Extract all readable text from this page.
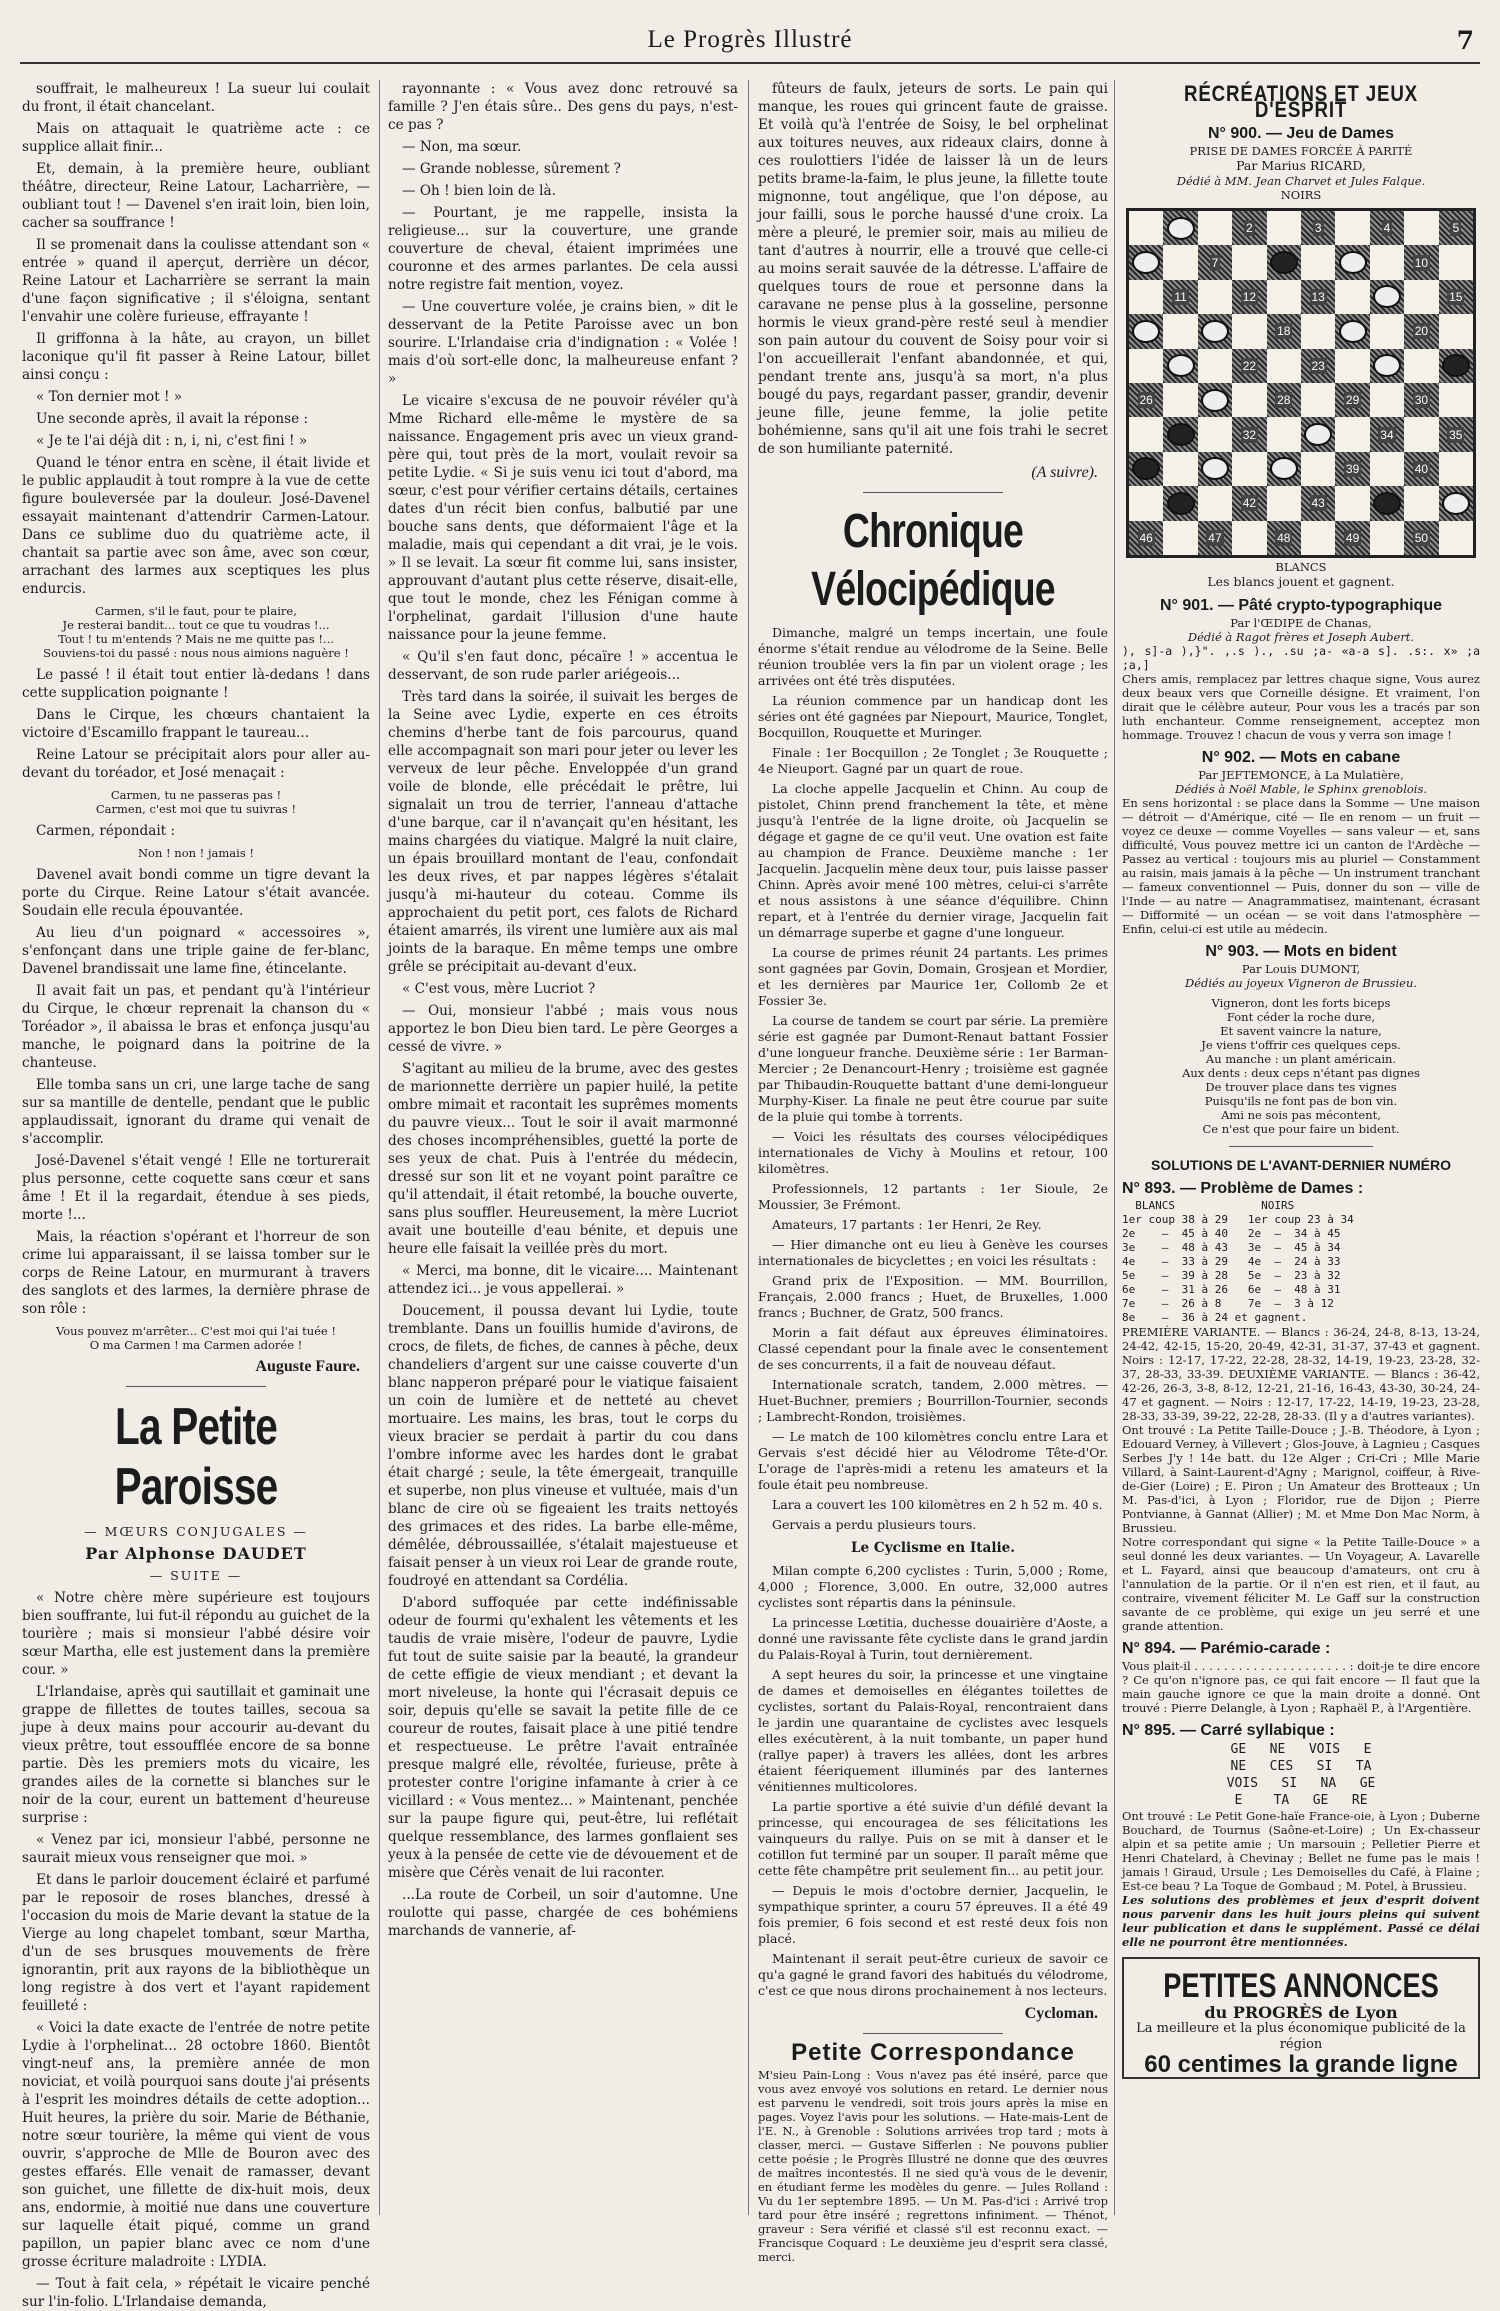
Le Progrès Illustré	7

souffrait, le malheureux ! La sueur lui coulait du front, il était chancelant.

Mais on attaquait le quatrième acte : ce supplice allait finir...

Et, demain, à la première heure, oubliant théâtre, directeur, Reine Latour, Lacharrière, — oubliant tout ! — Davenel s'en irait loin, bien loin, cacher sa souffrance !

Il se promenait dans la coulisse attendant son « entrée » quand il aperçut, derrière un décor, Reine Latour et Lacharrière se serrant la main d'une façon significative ; il s'éloigna, sentant l'envahir une colère furieuse, effrayante !

Il griffonna à la hâte, au crayon, un billet laconique qu'il fit passer à Reine Latour, billet ainsi conçu :

« Ton dernier mot ! »

Une seconde après, il avait la réponse :

« Je te l'ai déjà dit : n, i, ni, c'est fini ! »

Quand le ténor entra en scène, il était livide et le public applaudit à tout rompre à la vue de cette figure bouleversée par la douleur. José-Davenel essayait maintenant d'attendrir Carmen-Latour. Dans ce sublime duo du quatrième acte, il chantait sa partie avec son âme, avec son cœur, arrachant des larmes aux sceptiques les plus endurcis.

Carmen, s'il le faut, pour te plaire,
Je resterai bandit... tout ce que tu voudras !...
Tout ! tu m'entends ? Mais ne me quitte pas !...
Souviens-toi du passé : nous nous aimions naguère !

Le passé ! il était tout entier là-dedans ! dans cette supplication poignante !

Dans le Cirque, les chœurs chantaient la victoire d'Escamillo frappant le taureau...

Reine Latour se précipitait alors pour aller au-devant du toréador, et José menaçait :

Carmen, tu ne passeras pas !
Carmen, c'est moi que tu suivras !

Carmen, répondait :

Non ! non ! jamais !

Davenel avait bondi comme un tigre devant la porte du Cirque. Reine Latour s'était avancée. Soudain elle recula épouvantée.

Au lieu d'un poignard « accessoires », s'enfonçant dans une triple gaine de fer-blanc, Davenel brandissait une lame fine, étincelante.

Il avait fait un pas, et pendant qu'à l'intérieur du Cirque, le chœur reprenait la chanson du « Toréador », il abaissa le bras et enfonça jusqu'au manche, le poignard dans la poitrine de la chanteuse.

Elle tomba sans un cri, une large tache de sang sur sa mantille de dentelle, pendant que le public applaudissait, ignorant du drame qui venait de s'accomplir.

José-Davenel s'était vengé ! Elle ne torturerait plus personne, cette coquette sans cœur et sans âme ! Et il la regardait, étendue à ses pieds, morte !...

Mais, la réaction s'opérant et l'horreur de son crime lui apparaissant, il se laissa tomber sur le corps de Reine Latour, en murmurant à travers des sanglots et des larmes, la dernière phrase de son rôle :

Vous pouvez m'arrêter... C'est moi qui l'ai tuée !
O ma Carmen ! ma Carmen adorée !
Auguste Faure.
La Petite Paroisse
— MŒURS CONJUGALES —
Par Alphonse DAUDET
— SUITE —

« Notre chère mère supérieure est toujours bien souffrante, lui fut-il répondu au guichet de la tourière ; mais si monsieur l'abbé désire voir sœur Martha, elle est justement dans la première cour. »

L'Irlandaise, après qui sautillait et gaminait une grappe de fillettes de toutes tailles, secoua sa jupe à deux mains pour accourir au-devant du vieux prêtre, tout essoufflée encore de sa bonne partie. Dès les premiers mots du vicaire, les grandes ailes de la cornette si blanches sur le noir de la cour, eurent un battement d'heureuse surprise :

« Venez par ici, monsieur l'abbé, personne ne saurait mieux vous renseigner que moi. »

Et dans le parloir doucement éclairé et parfumé par le reposoir de roses blanches, dressé à l'occasion du mois de Marie devant la statue de la Vierge au long chapelet tombant, sœur Martha, d'un de ses brusques mouvements de frère ignorantin, prit aux rayons de la bibliothèque un long registre à dos vert et l'ayant rapidement feuilleté :

« Voici la date exacte de l'entrée de notre petite Lydie à l'orphelinat... 28 octobre 1860. Bientôt vingt-neuf ans, la première année de mon noviciat, et voilà pourquoi sans doute j'ai présents à l'esprit les moindres détails de cette adoption... Huit heures, la prière du soir. Marie de Béthanie, notre sœur tourière, la même qui vient de vous ouvrir, s'approche de Mlle de Bouron avec des gestes effarés. Elle venait de ramasser, devant son guichet, une fillette de dix-huit mois, deux ans, endormie, à moitié nue dans une couverture sur laquelle était piqué, comme un grand papillon, un papier blanc avec ce nom d'une grosse écriture maladroite : LYDIA.

— Tout à fait cela, » répétait le vicaire penché sur l'in-folio. L'Irlandaise demanda,

rayonnante : « Vous avez donc retrouvé sa famille ? J'en étais sûre.. Des gens du pays, n'est-ce pas ?

— Non, ma sœur.

— Grande noblesse, sûrement ?

— Oh ! bien loin de là.

— Pourtant, je me rappelle, insista la religieuse... sur la couverture, une grande couverture de cheval, étaient imprimées une couronne et des armes parlantes. De cela aussi notre registre fait mention, voyez.

— Une couverture volée, je crains bien, » dit le desservant de la Petite Paroisse avec un bon sourire. L'Irlandaise cria d'indignation : « Volée ! mais d'où sort-elle donc, la malheureuse enfant ? »

Le vicaire s'excusa de ne pouvoir révéler qu'à Mme Richard elle-même le mystère de sa naissance. Engagement pris avec un vieux grand-père qui, tout près de la mort, voulait revoir sa petite Lydie. « Si je suis venu ici tout d'abord, ma sœur, c'est pour vérifier certains détails, certaines dates d'un récit bien confus, balbutié par une bouche sans dents, que déformaient l'âge et la maladie, mais qui cependant a dit vrai, je le vois. » Il se levait. La sœur fit comme lui, sans insister, approuvant d'autant plus cette réserve, disait-elle, que tout le monde, chez les Fénigan comme à l'orphelinat, gardait l'illusion d'une haute naissance pour la jeune femme.

« Qu'il s'en faut donc, pécaïre ! » accentua le desservant, de son rude parler ariégeois...

Très tard dans la soirée, il suivait les berges de la Seine avec Lydie, experte en ces étroits chemins d'herbe tant de fois parcourus, quand elle accompagnait son mari pour jeter ou lever les verveux de leur pêche. Enveloppée d'un grand voile de blonde, elle précédait le prêtre, lui signalait un trou de terrier, l'anneau d'attache d'une barque, car il n'avançait qu'en hésitant, les mains chargées du viatique. Malgré la nuit claire, un épais brouillard montant de l'eau, confondait les deux rives, et par nappes légères s'étalait jusqu'à mi-hauteur du coteau. Comme ils approchaient du petit port, ces falots de Richard étaient amarrés, ils virent une lumière aux ais mal joints de la baraque. En même temps une ombre grêle se précipitait au-devant d'eux.

« C'est vous, mère Lucriot ?

— Oui, monsieur l'abbé ; mais vous nous apportez le bon Dieu bien tard. Le père Georges a cessé de vivre. »

S'agitant au milieu de la brume, avec des gestes de marionnette derrière un papier huilé, la petite ombre mimait et racontait les suprêmes moments du pauvre vieux... Tout le soir il avait marmonné des choses incompréhensibles, guetté la porte de ses yeux de chat. Puis à l'entrée du médecin, dressé sur son lit et ne voyant point paraître ce qu'il attendait, il était retombé, la bouche ouverte, sans plus souffler. Heureusement, la mère Lucriot avait une bouteille d'eau bénite, et depuis une heure elle faisait la veillée près du mort.

« Merci, ma bonne, dit le vicaire.... Maintenant attendez ici... je vous appellerai. »

Doucement, il poussa devant lui Lydie, toute tremblante. Dans un fouillis humide d'avirons, de crocs, de filets, de fiches, de cannes à pêche, deux chandeliers d'argent sur une caisse couverte d'un blanc napperon préparé pour le viatique faisaient un coin de lumière et de netteté au chevet mortuaire. Les mains, les bras, tout le corps du vieux bracier se perdait à partir du cou dans l'ombre informe avec les hardes dont le grabat était chargé ; seule, la tête émergeait, tranquille et superbe, non plus vineuse et vultuée, mais d'un blanc de cire où se figeaient les traits nettoyés des grimaces et des rides. La barbe elle-même, démêlée, débroussaillée, s'étalait majestueuse et faisait penser à un vieux roi Lear de grande route, foudroyé en attendant sa Cordélia.

D'abord suffoquée par cette indéfinissable odeur de fourmi qu'exhalent les vêtements et les taudis de vraie misère, l'odeur de pauvre, Lydie fut tout de suite saisie par la beauté, la grandeur de cette effigie de vieux mendiant ; et devant la mort niveleuse, la honte qui l'écrasait depuis ce soir, depuis qu'elle se savait la petite fille de ce coureur de routes, faisait place à une pitié tendre et respectueuse. Le prêtre l'avait entraînée presque malgré elle, révoltée, furieuse, prête à protester contre l'origine infamante à crier à ce vicillard : « Vous mentez... » Maintenant, penchée sur la paupe figure qui, peut-être, lui reflétait quelque ressemblance, des larmes gonflaient ses yeux à la pensée de cette vie de dévouement et de misère que Cérès venait de lui raconter.

...La route de Corbeil, un soir d'automne. Une roulotte qui passe, chargée de ces bohémiens marchands de vannerie, af-

fûteurs de faulx, jeteurs de sorts. Le pain qui manque, les roues qui grincent faute de graisse. Et voilà qu'à l'entrée de Soisy, le bel orphelinat aux toitures neuves, aux rideaux clairs, donne à ces roulottiers l'idée de laisser là un de leurs petits brame-la-faim, le plus jeune, la fillette toute mignonne, tout angélique, que l'on dépose, au jour failli, sous le porche haussé d'une croix. La mère a pleuré, le premier soir, mais au milieu de tant d'autres à nourrir, elle a trouvé que celle-ci au moins serait sauvée de la détresse. L'affaire de quelques tours de roue et personne dans la caravane ne pense plus à la gosseline, personne hormis le vieux grand-père resté seul à mendier son pain autour du couvent de Soisy pour voir si l'on accueillerait l'enfant abandonnée, et qui, pendant trente ans, jusqu'à sa mort, n'a plus bougé du pays, regardant passer, grandir, devenir jeune fille, jeune femme, la jolie petite bohémienne, sans qu'il ait une fois trahi le secret de son humiliante paternité.

(A suivre).
Chronique Vélocipédique

Dimanche, malgré un temps incertain, une foule énorme s'était rendue au vélodrome de la Seine. Belle réunion troublée vers la fin par un violent orage ; les arrivées ont été très disputées.

La réunion commence par un handicap dont les séries ont été gagnées par Niepourt, Maurice, Tonglet, Bocquillon, Rouquette et Muringer.

Finale : 1er Bocquillon ; 2e Tonglet ; 3e Rouquette ; 4e Nieuport. Gagné par un quart de roue.

La cloche appelle Jacquelin et Chinn. Au coup de pistolet, Chinn prend franchement la tête, et mène jusqu'à l'entrée de la ligne droite, où Jacquelin se dégage et gagne de ce qu'il veut. Une ovation est faite au champion de France. Deuxième manche : 1er Jacquelin. Jacquelin mène deux tour, puis laisse passer Chinn. Après avoir mené 100 mètres, celui-ci s'arrête et nous assistons à une séance d'équilibre. Chinn repart, et à l'entrée du dernier virage, Jacquelin fait un démarrage superbe et gagne d'une longueur.

La course de primes réunit 24 partants. Les primes sont gagnées par Govin, Domain, Grosjean et Mordier, et les dernières par Maurice 1er, Collomb 2e et Fossier 3e.

La course de tandem se court par série. La première série est gagnée par Dumont-Renaut battant Fossier d'une longueur franche. Deuxième série : 1er Barman-Mercier ; 2e Denancourt-Henry ; troisième est gagnée par Thibaudin-Rouquette battant d'une demi-longueur Murphy-Kiser. La finale ne peut être courue par suite de la pluie qui tombe à torrents.

— Voici les résultats des courses vélocipédiques internationales de Vichy à Moulins et retour, 100 kilomètres.

Professionnels, 12 partants : 1er Sioule, 2e Moussier, 3e Frémont.

Amateurs, 17 partants : 1er Henri, 2e Rey.

— Hier dimanche ont eu lieu à Genève les courses internationales de bicyclettes ; en voici les résultats :

Grand prix de l'Exposition. — MM. Bourrillon, Français, 2.000 francs ; Huet, de Bruxelles, 1.000 francs ; Buchner, de Gratz, 500 francs.

Morin a fait défaut aux épreuves éliminatoires. Classé cependant pour la finale avec le consentement de ses concurrents, il a fait de nouveau défaut.

Internationale scratch, tandem, 2.000 mètres. — Huet-Buchner, premiers ; Bourrillon-Tournier, seconds ; Lambrecht-Rondon, troisièmes.

— Le match de 100 kilomètres conclu entre Lara et Gervais s'est décidé hier au Vélodrome Tête-d'Or. L'orage de l'après-midi a retenu les amateurs et la foule était peu nombreuse.

Lara a couvert les 100 kilomètres en 2 h 52 m. 40 s.

Gervais a perdu plusieurs tours.

Le Cyclisme en Italie.

Milan compte 6,200 cyclistes : Turin, 5,000 ; Rome, 4,000 ; Florence, 3,000. En outre, 32,000 autres cyclistes sont répartis dans la péninsule.

La princesse Lœtitia, duchesse douairière d'Aoste, a donné une ravissante fête cycliste dans le grand jardin du Palais-Royal à Turin, tout dernièrement.

A sept heures du soir, la princesse et une vingtaine de dames et demoiselles en élégantes toilettes de cyclistes, sortant du Palais-Royal, rencontraient dans le jardin une quarantaine de cyclistes avec lesquels elles exécutèrent, à la nuit tombante, un paper hund (rallye paper) à travers les allées, dont les arbres étaient féeriquement illuminés par des lanternes vénitiennes multicolores.

La partie sportive a été suivie d'un défilé devant la princesse, qui encouragea de ses félicitations les vainqueurs du rallye. Puis on se mit à danser et le cotillon fut terminé par un souper. Il paraît même que cette fête champêtre prit seulement fin... au petit jour.

— Depuis le mois d'octobre dernier, Jacquelin, le sympathique sprinter, a couru 57 épreuves. Il a été 49 fois premier, 6 fois second et est resté deux fois non placé.

Maintenant il serait peut-être curieux de savoir ce qu'a gagné le grand favori des habitués du vélodrome, c'est ce que nous dirons prochainement à nos lecteurs.

Cycloman.
Petite Correspondance
M'sieu Pain-Long : Vous n'avez pas été inséré, parce que vous avez envoyé vos solutions en retard. Le dernier nous est parvenu le vendredi, soit trois jours après la mise en pages. Voyez l'avis pour les solutions. — Hate-mais-Lent de l'E. N., à Grenoble : Solutions arrivées trop tard ; mots à classer, merci. — Gustave Sifferlen : Ne pouvons publier cette poésie ; le Progrès Illustré ne donne que des œuvres de maîtres incontestés. Il ne sied qu'à vous de le devenir, en étudiant ferme les modèles du genre. — Jules Rolland : Vu du 1er septembre 1895. — Un M. Pas-d'ici : Arrivé trop tard pour être inséré ; regrettons infiniment. — Thénot, graveur : Sera vérifié et classé s'il est reconnu exact. — Francisque Coquard : Le deuxième jeu d'esprit sera classé, merci.
RÉCRÉATIONS ET JEUX D'ESPRIT
N° 900. — Jeu de Dames
PRISE DE DAMES FORCÉE À PARITÉ
Par Marius RICARD,
Dédié à MM. Jean Charvet et Jules Falque.
NOIRS
2	3	4	5
7	10
11	12	13	15
18	20
22	23
26	28	29	30
32	34	35
39	40
42	43
46	47	48	49	50
BLANCS
Les blancs jouent et gagnent.
N° 901. — Pâté crypto-typographique
Par l'ŒDIPE de Chanas,
Dédié à Ragot frères et Joseph Aubert.
), s]-a ),}". ,.s )., .su ;a- «a-a s]. .s:. x» ;a ;a,]
Chers amis, remplacez par lettres chaque signe, Vous aurez deux beaux vers que Corneille désigne. Et vraiment, l'on dirait que le célèbre auteur, Pour vous les a tracés par son luth enchanteur. Comme renseignement, acceptez mon hommage. Trouvez ! chacun de vous y verra son image !
N° 902. — Mots en cabane
Par JEFTEMONCE, à La Mulatière,
Dédiés à Noël Mable, le Sphinx grenoblois.
En sens horizontal : se place dans la Somme — Une maison — détroit — d'Amérique, cité — Ile en renom — un fruit — voyez ce deuxe — comme Voyelles — sans valeur — et, sans difficulté, Vous pouvez mettre ici un canton de l'Ardèche — Passez au vertical : toujours mis au pluriel — Constamment au raisin, mais jamais à la pêche — Un instrument tranchant — fameux conventionnel — Puis, donner du son — ville de l'Inde — au natre — Anagrammatisez, maintenant, écrasant — Difformité — un océan — se voit dans l'atmosphère — Enfin, celui-ci est utile au médecin.
N° 903. — Mots en bident
Par Louis DUMONT,
Dédiés au joyeux Vigneron de Brussieu.
Vigneron, dont les forts biceps
Font céder la roche dure,
Et savent vaincre la nature,
Je viens t'offrir ces quelques ceps.
Au manche : un plant américain.
Aux dents : deux ceps n'étant pas dignes
De trouver place dans tes vignes
Puisqu'ils ne font pas de bon vin.
Ami ne sois pas mécontent,
Ce n'est que pour faire un bident.
SOLUTIONS DE L'AVANT-DERNIER NUMÉRO
N° 893. — Problème de Dames :
BLANCS             NOIRS
1er coup 38 à 29   1er coup 23 à 34
2e    —  45 à 40   2e  —  34 à 45
3e    —  48 à 43   3e  —  45 à 34
4e    —  33 à 29   4e  —  24 à 33
5e    —  39 à 28   5e  —  23 à 32
6e    —  31 à 26   6e  —  48 à 31
7e    —  26 à 8    7e  —  3 à 12
8e    —  36 à 24 et gagnent.
PREMIÈRE VARIANTE. — Blancs : 36-24, 24-8, 8-13, 13-24, 24-42, 42-15, 15-20, 20-49, 42-31, 31-37, 37-43 et gagnent. Noirs : 12-17, 17-22, 22-28, 28-32, 14-19, 19-23, 23-28, 32-37, 28-33, 33-39. DEUXIÈME VARIANTE. — Blancs : 36-42, 42-26, 26-3, 3-8, 8-12, 12-21, 21-16, 16-43, 43-30, 30-24, 24-47 et gagnent. — Noirs : 12-17, 17-22, 14-19, 19-23, 23-28, 28-33, 33-39, 39-22, 22-28, 28-33. (Il y a d'autres variantes).
Ont trouvé : La Petite Taille-Douce ; J.-B. Théodore, à Lyon ; Edouard Verney, à Villevert ; Glos-Jouve, à Lagnieu ; Casques Serbes J'y ! 14e batt. du 12e Alger ; Cri-Cri ; Mlle Marie Villard, à Saint-Laurent-d'Agny ; Marignol, coiffeur, à Rive-de-Gier (Loire) ; E. Piron ; Un Amateur des Brotteaux ; Un M. Pas-d'ici, à Lyon ; Floridor, rue de Dijon ; Pierre Pontvianne, à Gannat (Allier) ; M. et Mme Don Mac Norm, à Brussieu.
Notre correspondant qui signe « la Petite Taille-Douce » a seul donné les deux variantes. — Un Voyageur, A. Lavarelle et L. Fayard, ainsi que beaucoup d'amateurs, ont cru à l'annulation de la partie. Or il n'en est rien, et il faut, au contraire, vivement féliciter M. Le Gaff sur la construction savante de ce problème, qui exige un jeu serré et une grande attention.
N° 894. — Parémio-carade :
Vous plait-il . . . . . . . . . . . . . . . . . . . . . : doit-je te dire encore ? Ce qu'on n'ignore pas, ce qui fait encore — Il faut que la main gauche ignore ce que la main droite a donné. Ont trouvé : Pierre Delangle, à Lyon ; Raphaël P., à l'Argentière.
N° 895. — Carré syllabique :
GE   NE   VOIS   E
NE   CES   SI   TA
VOIS   SI   NA   GE
E    TA   GE   RE
Ont trouvé : Le Petit Gone-haïe France-oie, à Lyon ; Duberne Bouchard, de Tournus (Saône-et-Loire) ; Un Ex-chasseur alpin et sa petite amie ; Un marsouin ; Pelletier Pierre et Henri Chatelard, à Chevinay ; Bellet ne fume pas le mais ! jamais ! Giraud, Ursule ; Les Demoiselles du Café, à Flaine ; Est-ce beau ? La Toque de Gombaud ; M. Potel, à Brussieu.
Les solutions des problèmes et jeux d'esprit doivent nous parvenir dans les huit jours pleins qui suivent leur publication et dans le supplément. Passé ce délai elle ne pourront être mentionnées.
PETITES ANNONCES
du PROGRÈS de Lyon
La meilleure et la plus économique publicité de la région
60 centimes la grande ligne
